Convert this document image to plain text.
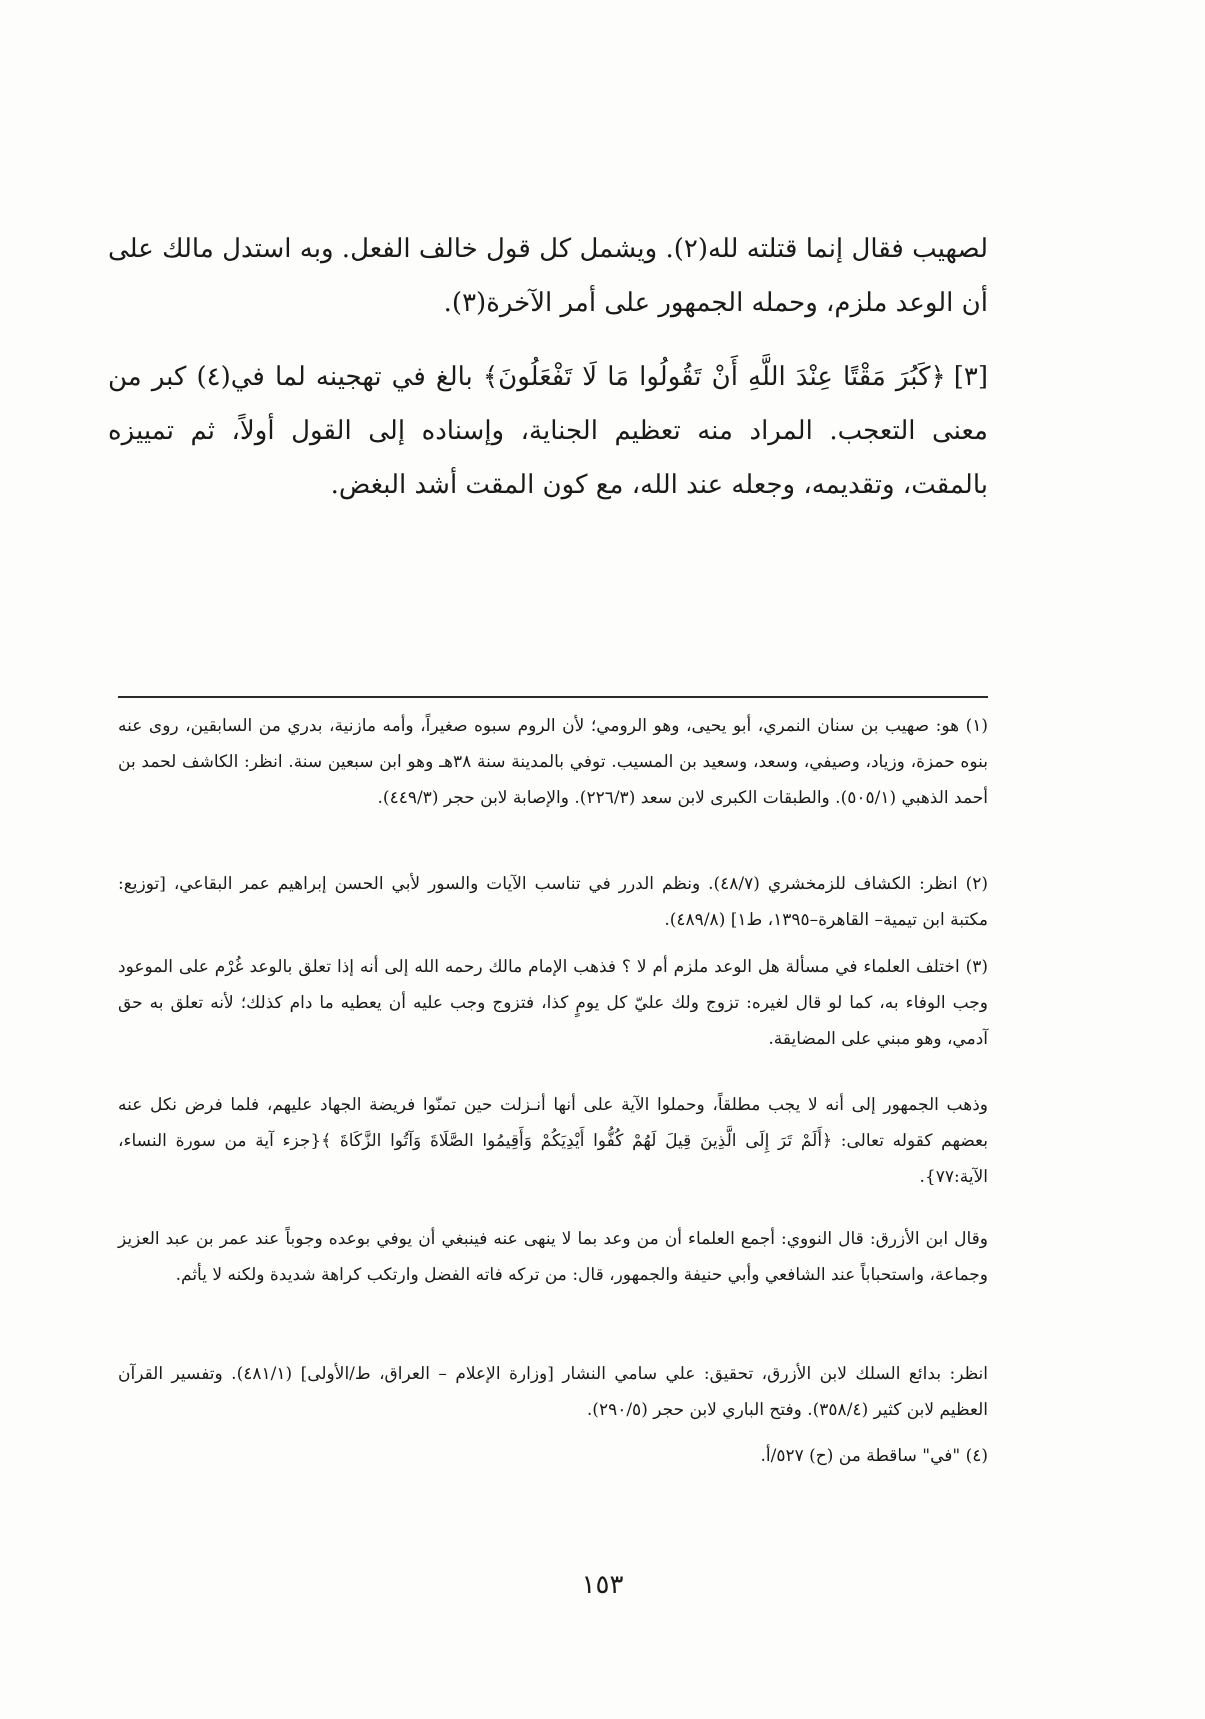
لصهيب فقال إنما قتلته لله(٢). ويشمل كل قول خالف الفعل. وبه استدل مالك على أن الوعد ملزم، وحمله الجمهور على أمر الآخرة(٣).
[٣]﴿كَبُرَ مَقْتًا عِنْدَ اللَّهِ أَنْ تَقُولُوا مَا لَا تَفْعَلُونَ﴾ بالغ في تهجينه لما في(٤) كبر من معنى التعجب. المراد منه تعظيم الجناية، وإسناده إلى القول أولاً، ثم تمييزه بالمقت، وتقديمه، وجعله عند الله، مع كون المقت أشد البغض.
(١) هو: صهيب بن سنان النمري، أبو يحيى، وهو الرومي؛ لأن الروم سبوه صغيراً، وأمه مازنية، بدري من السابقين، روى عنه بنوه حمزة، وزياد، وصيفي، وسعد، وسعيد بن المسيب. توفي بالمدينة سنة ٣٨هـ وهو ابن سبعين سنة. انظر: الكاشف لحمد بن أحمد الذهبي (٥٠٥/١). والطبقات الكبرى لابن سعد (٢٢٦/٣). والإصابة لابن حجر (٤٤٩/٣).
(٢) انظر: الكشاف للزمخشري (٤٨/٧). ونظم الدرر في تناسب الآيات والسور لأبي الحسن إبراهيم عمر البقاعي، [توزيع: مكتبة ابن تيمية– القاهرة–١٣٩٥، ط١] (٤٨٩/٨).
(٣) اختلف العلماء في مسألة هل الوعد ملزم أم لا ؟ فذهب الإمام مالك رحمه الله إلى أنه إذا تعلق بالوعد غُرْم على الموعود وجب الوفاء به، كما لو قال لغيره: تزوج ولك عليّ كل يومٍ كذا، فتزوج وجب عليه أن يعطيه ما دام كذلك؛ لأنه تعلق به حق آدمي، وهو مبني على المضايقة.
وذهب الجمهور إلى أنه لا يجب مطلقاً، وحملوا الآية على أنها أنـزلت حين تمنّوا فريضة الجهاد عليهم، فلما فرض نكل عنه بعضهم كقوله تعالى: ﴿أَلَمْ تَرَ إِلَى الَّذِينَ قِيلَ لَهُمْ كُفُّوا أَيْدِيَكُمْ وَأَقِيمُوا الصَّلَاةَ وَآتُوا الزَّكَاةَ ﴾{جزء آية من سورة النساء، الآية:٧٧}.
وقال ابن الأزرق: قال النووي: أجمع العلماء أن من وعد بما لا ينهى عنه فينبغي أن يوفي بوعده وجوباً عند عمر بن عبد العزيز وجماعة، واستحباباً عند الشافعي وأبي حنيفة والجمهور، قال: من تركه فاته الفضل وارتكب كراهة شديدة ولكنه لا يأثم.
انظر: بدائع السلك لابن الأزرق، تحقيق: علي سامي النشار [وزارة الإعلام – العراق، ط/الأولى] (٤٨١/١). وتفسير القرآن العظيم لابن كثير (٣٥٨/٤). وفتح الباري لابن حجر (٢٩٠/٥).
(٤) "في" ساقطة من (ح) ٥٢٧/أ.
١٥٣
